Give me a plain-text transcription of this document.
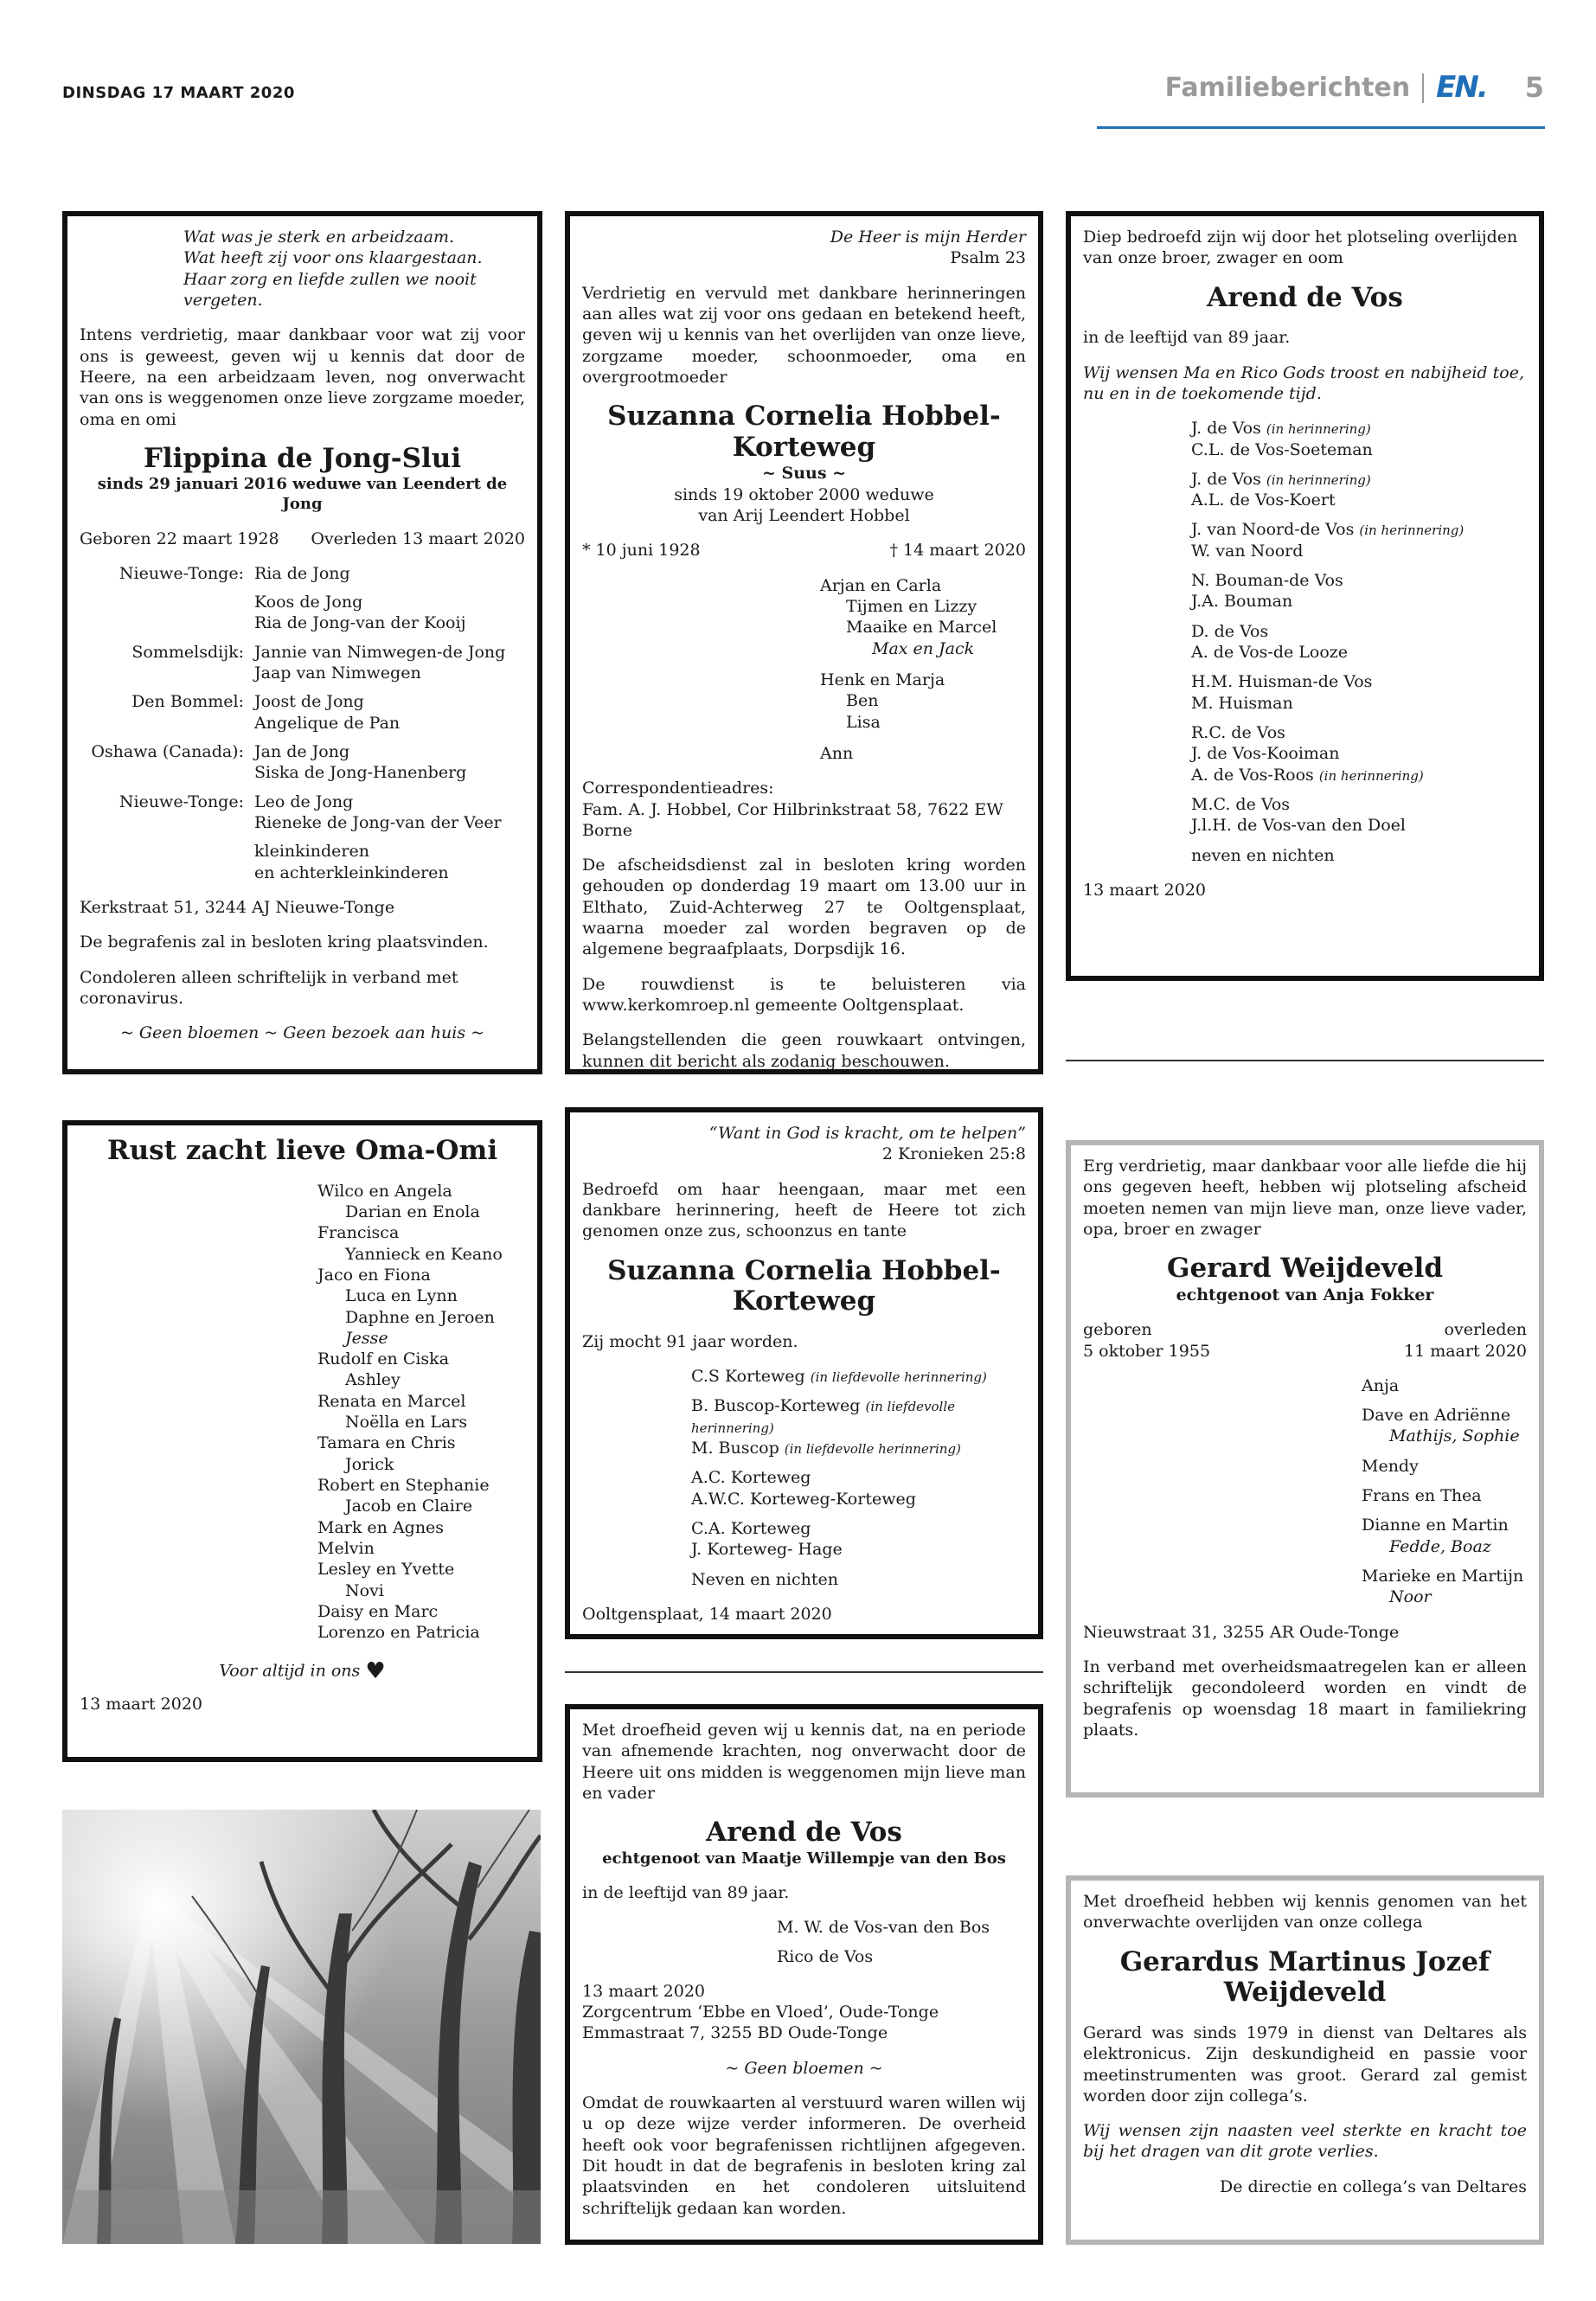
DINSDAG 17 MAART 2020	Familieberichten EN. 5
Wat was je sterk en arbeidzaam.
Wat heeft zij voor ons klaargestaan.
Haar zorg en liefde zullen we nooit vergeten.
Intens verdrietig, maar dankbaar voor wat zij voor ons is geweest, geven wij u kennis dat door de Heere, na een arbeidzaam leven, nog onverwacht van ons is weggenomen onze lieve zorgzame moeder, oma en omi
Flippina de Jong-Slui
sinds 29 januari 2016 weduwe van Leendert de Jong
Geboren 22 maart 1928 Overleden 13 maart 2020
Nieuwe-Tonge: Ria de Jong
Koos de Jong
Ria de Jong-van der Kooij
Sommelsdijk: Jannie van Nimwegen-de Jong
Jaap van Nimwegen
Den Bommel: Joost de Jong
Angelique de Pan
Oshawa (Canada): Jan de Jong
Siska de Jong-Hanenberg
Nieuwe-Tonge: Leo de Jong
Rieneke de Jong-van der Veer
kleinkinderen
en achterkleinkinderen
Kerkstraat 51, 3244 AJ Nieuwe-Tonge
De begrafenis zal in besloten kring plaatsvinden.
Condoleren alleen schriftelijk in verband met coronavirus.
~ Geen bloemen ~ Geen bezoek aan huis ~
De Heer is mijn Herder
Psalm 23
Verdrietig en vervuld met dankbare herinneringen aan alles wat zij voor ons gedaan en betekend heeft, geven wij u kennis van het overlijden van onze lieve, zorgzame moeder, schoonmoeder, oma en overgrootmoeder
Suzanna Cornelia Hobbel-Korteweg
~ Suus ~
sinds 19 oktober 2000 weduwe
van Arij Leendert Hobbel
* 10 juni 1928	† 14 maart 2020
Arjan en Carla
Tijmen en Lizzy
Maaike en Marcel
Max en Jack
Henk en Marja
Ben
Lisa
Ann
Correspondentieadres:
Fam. A. J. Hobbel, Cor Hilbrinkstraat 58, 7622 EW Borne
De afscheidsdienst zal in besloten kring worden gehouden op donderdag 19 maart om 13.00 uur in Elthato, Zuid-Achterweg 27 te Ooltgensplaat, waarna moeder zal worden begraven op de algemene begraafplaats, Dorpsdijk 16.
De rouwdienst is te beluisteren via www.kerkomroep.nl gemeente Ooltgensplaat.
Belangstellenden die geen rouwkaart ontvingen, kunnen dit bericht als zodanig beschouwen.
Diep bedroefd zijn wij door het plotseling overlijden van onze broer, zwager en oom
Arend de Vos
in de leeftijd van 89 jaar.
Wij wensen Ma en Rico Gods troost en nabijheid toe, nu en in de toekomende tijd.
J. de Vos (in herinnering)
C.L. de Vos-Soeteman
J. de Vos (in herinnering)
A.L. de Vos-Koert
J. van Noord-de Vos (in herinnering)
W. van Noord
N. Bouman-de Vos
J.A. Bouman
D. de Vos
A. de Vos-de Looze
H.M. Huisman-de Vos
M. Huisman
R.C. de Vos
J. de Vos-Kooiman
A. de Vos-Roos (in herinnering)
M.C. de Vos
J.l.H. de Vos-van den Doel
neven en nichten
13 maart 2020
Rust zacht lieve Oma-Omi
Wilco en Angela
Darian en Enola
Francisca
Yannieck en Keano
Jaco en Fiona
Luca en Lynn
Daphne en Jeroen
Jesse
Rudolf en Ciska
Ashley
Renata en Marcel
Noëlla en Lars
Tamara en Chris
Jorick
Robert en Stephanie
Jacob en Claire
Mark en Agnes
Melvin
Lesley en Yvette
Novi
Daisy en Marc
Lorenzo en Patricia
Voor altijd in ons ♥
13 maart 2020
“Want in God is kracht, om te helpen”
2 Kronieken 25:8
Bedroefd om haar heengaan, maar met een dankbare herinnering, heeft de Heere tot zich genomen onze zus, schoonzus en tante
Suzanna Cornelia Hobbel-Korteweg
Zij mocht 91 jaar worden.
C.S Korteweg (in liefdevolle herinnering)
B. Buscop-Korteweg (in liefdevolle herinnering)
M. Buscop (in liefdevolle herinnering)
A.C. Korteweg
A.W.C. Korteweg-Korteweg
C.A. Korteweg
J. Korteweg- Hage
Neven en nichten
Ooltgensplaat, 14 maart 2020
Met droefheid geven wij u kennis dat, na en periode van afnemende krachten, nog onverwacht door de Heere uit ons midden is weggenomen mijn lieve man en vader
Arend de Vos
echtgenoot van Maatje Willempje van den Bos
in de leeftijd van 89 jaar.
M. W. de Vos-van den Bos
Rico de Vos
13 maart 2020
Zorgcentrum ‘Ebbe en Vloed’, Oude-Tonge
Emmastraat 7, 3255 BD Oude-Tonge
~ Geen bloemen ~
Omdat de rouwkaarten al verstuurd waren willen wij u op deze wijze verder informeren. De overheid heeft ook voor begrafenissen richtlijnen afgegeven. Dit houdt in dat de begrafenis in besloten kring zal plaatsvinden en het condoleren uitsluitend schriftelijk gedaan kan worden.
Erg verdrietig, maar dankbaar voor alle liefde die hij ons gegeven heeft, hebben wij plotseling afscheid moeten nemen van mijn lieve man, onze lieve vader, opa, broer en zwager
Gerard Weijdeveld
echtgenoot van Anja Fokker
geboren
5 oktober 1955
overleden
11 maart 2020
Anja
Dave en Adriënne
Mathijs, Sophie
Mendy
Frans en Thea
Dianne en Martin
Fedde, Boaz
Marieke en Martijn
Noor
Nieuwstraat 31, 3255 AR Oude-Tonge
In verband met overheidsmaatregelen kan er alleen schriftelijk gecondoleerd worden en vindt de begrafenis op woensdag 18 maart in familiekring plaats.
Met droefheid hebben wij kennis genomen van het onverwachte overlijden van onze collega
Gerardus Martinus Jozef
Weijdeveld
Gerard was sinds 1979 in dienst van Deltares als elektronicus. Zijn deskundigheid en passie voor meetinstrumenten was groot. Gerard zal gemist worden door zijn collega’s.
Wij wensen zijn naasten veel sterkte en kracht toe bij het dragen van dit grote verlies.
De directie en collega’s van Deltares
